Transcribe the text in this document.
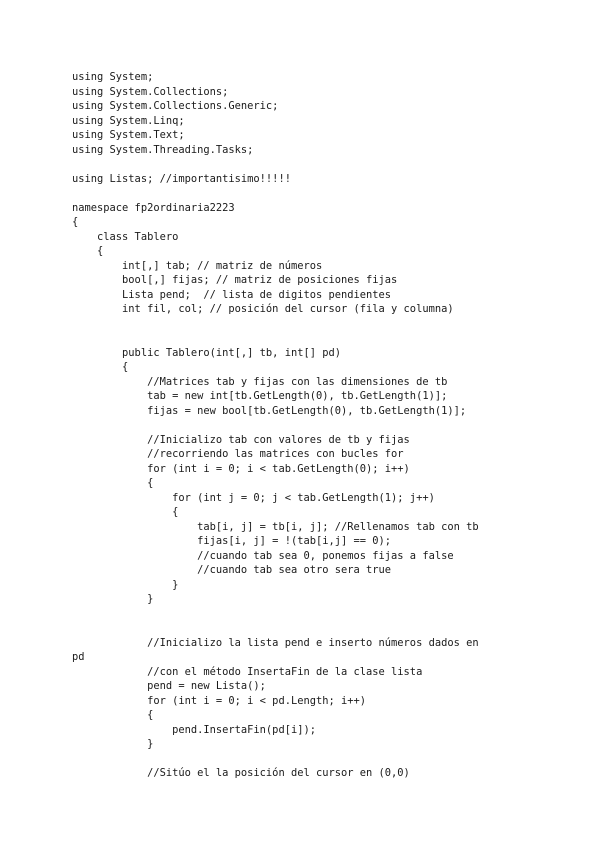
using System;
using System.Collections;
using System.Collections.Generic;
using System.Linq;
using System.Text;
using System.Threading.Tasks;
using Listas; //importantisimo!!!!!
namespace fp2ordinaria2223
{
class Tablero
{
int[,] tab; // matriz de números
bool[,] fijas; // matriz de posiciones fijas
Lista pend;  // lista de digitos pendientes
int fil, col; // posición del cursor (fila y columna)
public Tablero(int[,] tb, int[] pd)
{
//Matrices tab y fijas con las dimensiones de tb
tab = new int[tb.GetLength(0), tb.GetLength(1)];
fijas = new bool[tb.GetLength(0), tb.GetLength(1)];
//Inicializo tab con valores de tb y fijas
//recorriendo las matrices con bucles for
for (int i = 0; i < tab.GetLength(0); i++)
{
for (int j = 0; j < tab.GetLength(1); j++)
{
tab[i, j] = tb[i, j]; //Rellenamos tab con tb
fijas[i, j] = !(tab[i,j] == 0);
//cuando tab sea 0, ponemos fijas a false
//cuando tab sea otro sera true
}
}
//Inicializo la lista pend e inserto números dados en
pd
//con el método InsertaFin de la clase lista
pend = new Lista();
for (int i = 0; i < pd.Length; i++)
{
pend.InsertaFin(pd[i]);
}
//Sitúo el la posición del cursor en (0,0)
